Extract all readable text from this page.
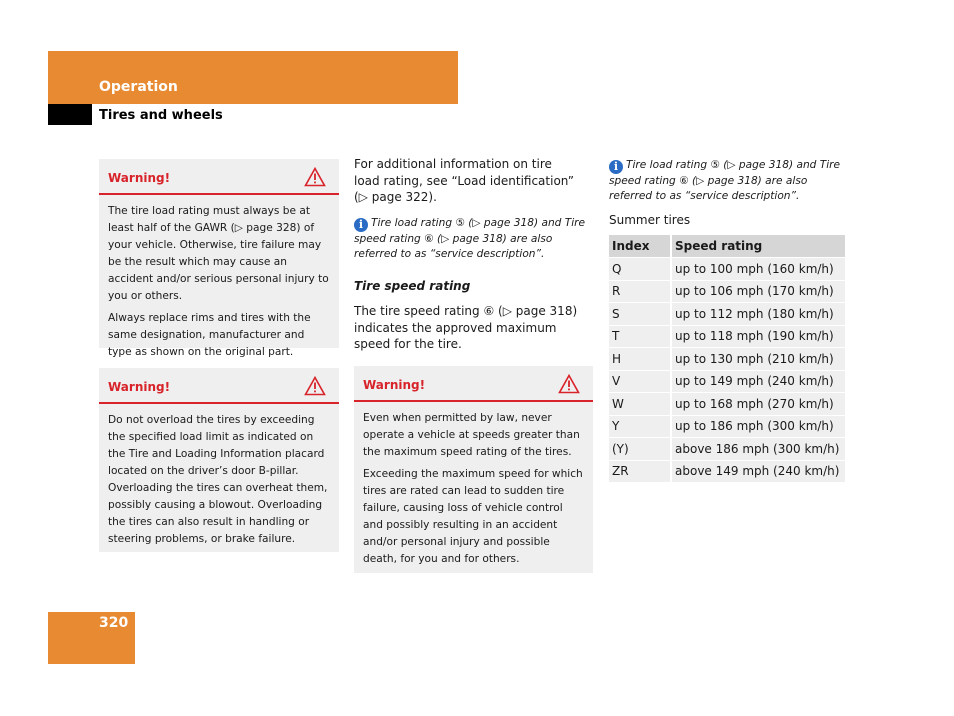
Operation
Tires and wheels
Warning!

The tire load rating must always be at least half of the GAWR (▷ page 328) of your vehicle. Otherwise, tire failure may be the result which may cause an accident and/or serious personal injury to you or others.

Always replace rims and tires with the same designation, manufacturer and type as shown on the original part.

Warning!

Do not overload the tires by exceeding the specified load limit as indicated on the Tire and Loading Information placard located on the driver’s door B-pillar. Overloading the tires can overheat them, possibly causing a blowout. Overloading the tires can also result in handling or steering problems, or brake failure.

For additional information on tire load rating, see “Load identification” (▷ page 322).

i Tire load rating ⑤ (▷ page 318) and Tire speed rating ⑥ (▷ page 318) are also referred to as “service description”.
Tire speed rating

The tire speed rating ⑥ (▷ page 318) indicates the approved maximum speed for the tire.

Warning!

Even when permitted by law, never operate a vehicle at speeds greater than the maximum speed rating of the tires.

Exceeding the maximum speed for which tires are rated can lead to sudden tire failure, causing loss of vehicle control and possibly resulting in an accident and/or personal injury and possible death, for you and for others.

i Tire load rating ⑤ (▷ page 318) and Tire speed rating ⑥ (▷ page 318) are also referred to as “service description”.
Summer tires
Index	Speed rating
Q	up to 100 mph (160 km/h)
R	up to 106 mph (170 km/h)
S	up to 112 mph (180 km/h)
T	up to 118 mph (190 km/h)
H	up to 130 mph (210 km/h)
V	up to 149 mph (240 km/h)
W	up to 168 mph (270 km/h)
Y	up to 186 mph (300 km/h)
(Y)	above 186 mph (300 km/h)
ZR	above 149 mph (240 km/h)
320
